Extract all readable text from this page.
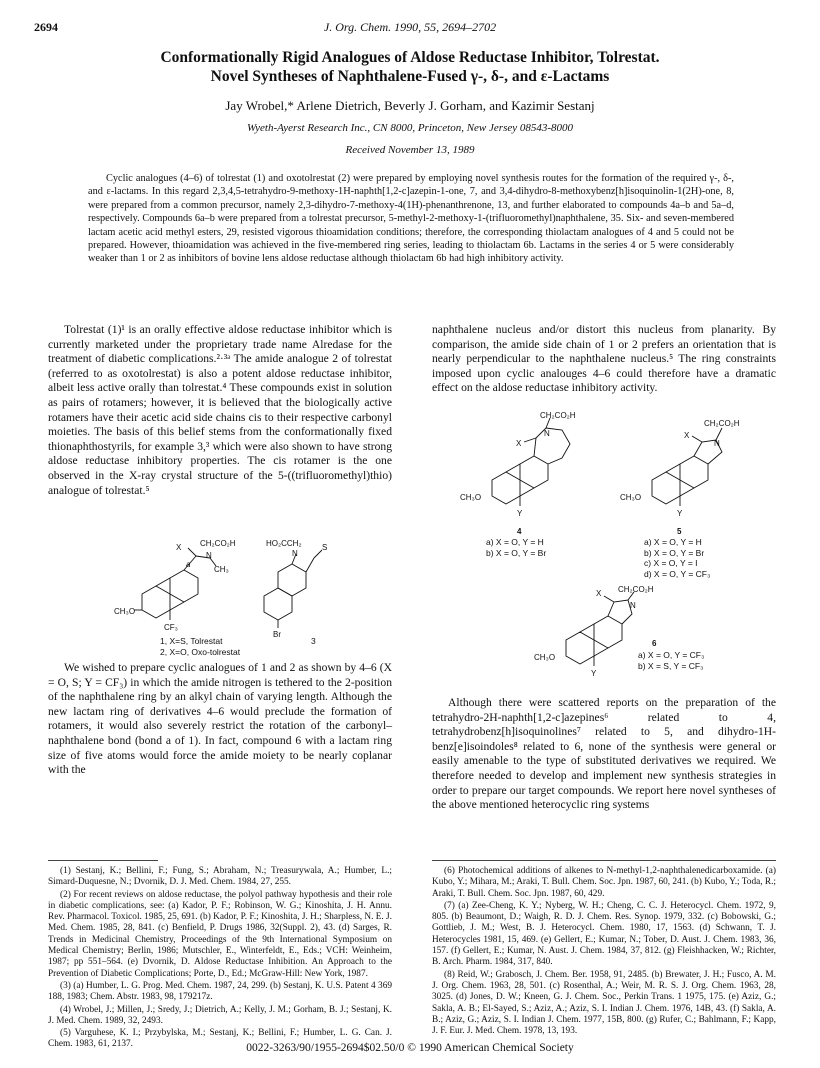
2694	J. Org. Chem. 1990, 55, 2694–2702
Conformationally Rigid Analogues of Aldose Reductase Inhibitor, Tolrestat.
Novel Syntheses of Naphthalene-Fused γ-, δ-, and ε-Lactams
Jay Wrobel,* Arlene Dietrich, Beverly J. Gorham, and Kazimir Sestanj
Wyeth-Ayerst Research Inc., CN 8000, Princeton, New Jersey 08543-8000
Received November 13, 1989
Cyclic analogues (4–6) of tolrestat (1) and oxotolrestat (2) were prepared by employing novel synthesis routes for the formation of the required γ-, δ-, and ε-lactams. In this regard 2,3,4,5-tetrahydro-9-methoxy-1H-naphth[1,2-c]azepin-1-one, 7, and 3,4-dihydro-8-methoxybenz[h]isoquinolin-1(2H)-one, 8, were prepared from a common precursor, namely 2,3-dihydro-7-methoxy-4(1H)-phenanthrenone, 13, and further elaborated to compounds 4a–b and 5a–d, respectively. Compounds 6a–b were prepared from a tolrestat precursor, 5-methyl-2-methoxy-1-(trifluoromethyl)naphthalene, 35. Six- and seven-membered lactam acetic acid methyl esters, 29, resisted vigorous thioamidation conditions; therefore, the corresponding thiolactam analogues of 4 and 5 could not be prepared. However, thioamidation was achieved in the five-membered ring series, leading to thiolactam 6b. Lactams in the series 4 or 5 were considerably weaker than 1 or 2 as inhibitors of bovine lens aldose reductase although thiolactam 6b had high inhibitory activity.

Tolrestat (1)¹ is an orally effective aldose reductase inhibitor which is currently marketed under the proprietary trade name Alredase for the treatment of diabetic complications.²·³ᵃ The amide analogue 2 of tolrestat (referred to as oxotolrestat) is also a potent aldose reductase inhibitor, albeit less active orally than tolrestat.⁴ These compounds exist in solution as pairs of rotamers; however, it is believed that the biologically active rotamers have their acetic acid side chains cis to their respective carbonyl moieties. The basis of this belief stems from the conformationally fixed thionaphthostyrils, for example 3,³ which were also shown to have strong aldose reductase inhibitory properties. The cis rotamer is the one observed in the X-ray crystal structure of the 5-((trifluoromethyl)thio) analogue of tolrestat.⁵

CH₂CO₂H
X
N
CH₃
a
CH₃O
CF₃
HO₂CCH₂
N
S
Br
1, X=S, Tolrestat
2, X=O, Oxo-tolrestat
3

We wished to prepare cyclic analogues of 1 and 2 as shown by 4–6 (X = O, S; Y = CF₃) in which the amide nitrogen is tethered to the 2-position of the naphthalene ring by an alkyl chain of varying length. Although the new lactam ring of derivatives 4–6 would preclude the formation of rotamers, it would also severely restrict the rotation of the carbonyl–naphthalene bond (bond a of 1). In fact, compound 6 with a lactam ring size of five atoms would force the amide moiety to be nearly coplanar with the

(1) Sestanj, K.; Bellini, F.; Fung, S.; Abraham, N.; Treasurywala, A.; Humber, L.; Simard-Duquesne, N.; Dvornik, D. J. Med. Chem. 1984, 27, 255.
(2) For recent reviews on aldose reductase, the polyol pathway hypothesis and their role in diabetic complications, see: (a) Kador, P. F.; Robinson, W. G.; Kinoshita, J. H. Annu. Rev. Pharmacol. Toxicol. 1985, 25, 691. (b) Kador, P. F.; Kinoshita, J. H.; Sharpless, N. E. J. Med. Chem. 1985, 28, 841. (c) Benfield, P. Drugs 1986, 32(Suppl. 2), 43. (d) Sarges, R. Trends in Medicinal Chemistry, Proceedings of the 9th International Symposium on Medical Chemistry; Berlin, 1986; Mutschler, E., Winterfeldt, E., Eds.; VCH: Weinheim, 1987; pp 551–564. (e) Dvornik, D. Aldose Reductase Inhibition. An Approach to the Prevention of Diabetic Complications; Porte, D., Ed.; McGraw-Hill: New York, 1987.
(3) (a) Humber, L. G. Prog. Med. Chem. 1987, 24, 299. (b) Sestanj, K. U.S. Patent 4 369 188, 1983; Chem. Abstr. 1983, 98, 179217z.
(4) Wrobel, J.; Millen, J.; Sredy, J.; Dietrich, A.; Kelly, J. M.; Gorham, B. J.; Sestanj, K. J. Med. Chem. 1989, 32, 2493.
(5) Varguhese, K. I.; Przybylska, M.; Sestanj, K.; Bellini, F.; Humber, L. G. Can. J. Chem. 1983, 61, 2137.

naphthalene nucleus and/or distort this nucleus from planarity. By comparison, the amide side chain of 1 or 2 prefers an orientation that is nearly perpendicular to the naphthalene nucleus.⁵ The ring constraints imposed upon cyclic analouges 4–6 could therefore have a dramatic effect on the aldose reductase inhibitory activity.

CH₂CO₂H
X
N
CH₃O
Y
CH₂CO₂H
X
N
CH₃O
Y
4	5
a) X = O, Y = H
b) X = O, Y = Br
a) X = O, Y = H
b) X = O, Y = Br
c) X = O, Y = I
d) X = O, Y = CF₃
CH₂CO₂H
X
N
CH₃O
Y
6
a) X = O, Y = CF₃
b) X = S, Y = CF₃

Although there were scattered reports on the preparation of the tetrahydro-2H-naphth[1,2-c]azepines⁶ related to 4, tetrahydrobenz[h]isoquinolines⁷ related to 5, and dihydro-1H-benz[e]isoindoles⁸ related to 6, none of the synthesis were general or easily amenable to the type of substituted derivatives we required. We therefore needed to develop and implement new synthesis strategies in order to prepare our target compounds. We report here novel syntheses of the above mentioned heterocyclic ring systems

(6) Photochemical additions of alkenes to N-methyl-1,2-naphthalenedicarboxamide. (a) Kubo, Y.; Mihara, M.; Araki, T. Bull. Chem. Soc. Jpn. 1987, 60, 241. (b) Kubo, Y.; Toda, R.; Araki, T. Bull. Chem. Soc. Jpn. 1987, 60, 429.
(7) (a) Zee-Cheng, K. Y.; Nyberg, W. H.; Cheng, C. C. J. Heterocycl. Chem. 1972, 9, 805. (b) Beaumont, D.; Waigh, R. D. J. Chem. Res. Synop. 1979, 332. (c) Bobowski, G.; Gottlieb, J. M.; West, B. J. Heterocycl. Chem. 1980, 17, 1563. (d) Schwann, T. J. Heterocycles 1981, 15, 469. (e) Gellert, E.; Kumar, N.; Tober, D. Aust. J. Chem. 1983, 36, 157. (f) Gellert, E.; Kumar, N. Aust. J. Chem. 1984, 37, 812. (g) Fleishhacken, W.; Richter, B. Arch. Pharm. 1984, 317, 840.
(8) Reid, W.; Grabosch, J. Chem. Ber. 1958, 91, 2485. (b) Brewater, J. H.; Fusco, A. M. J. Org. Chem. 1963, 28, 501. (c) Rosenthal, A.; Weir, M. R. S. J. Org. Chem. 1963, 28, 3025. (d) Jones, D. W.; Kneen, G. J. Chem. Soc., Perkin Trans. 1 1975, 175. (e) Aziz, G.; Sakla, A. B.; El-Sayed, S.; Aziz, A.; Aziz, S. I. Indian J. Chem. 1976, 14B, 43. (f) Sakla, A. B.; Aziz, G.; Aziz, S. I. Indian J. Chem. 1977, 15B, 800. (g) Rufer, C.; Bahlmann, F.; Kapp, J. F. Eur. J. Med. Chem. 1978, 13, 193.
0022-3263/90/1955-2694$02.50/0 © 1990 American Chemical Society
